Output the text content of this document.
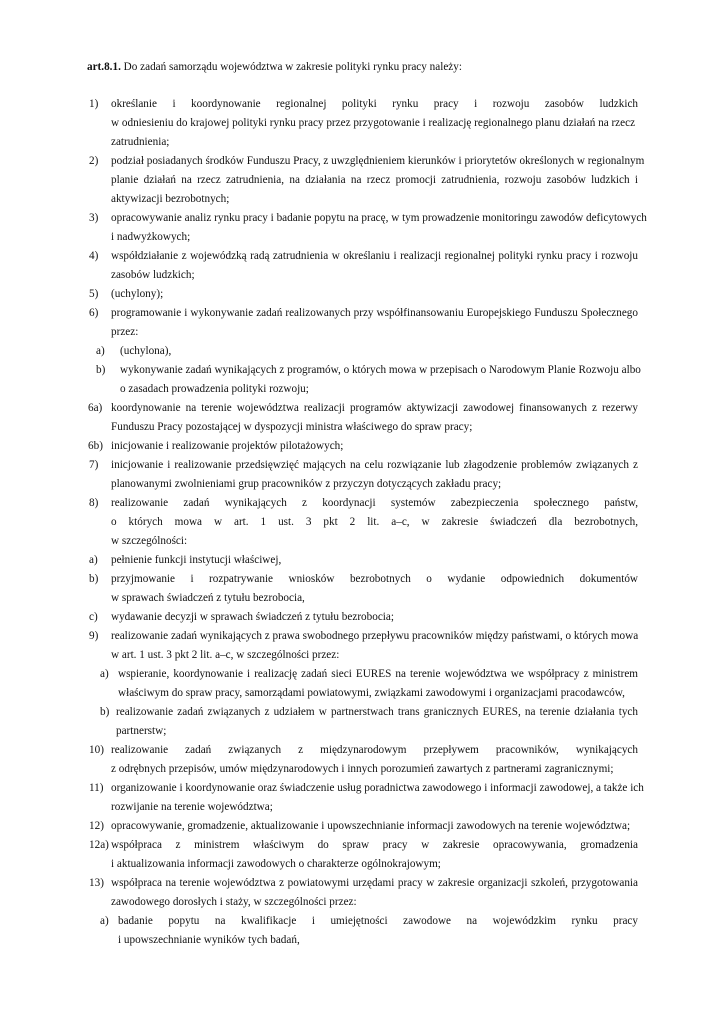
art.8.1. Do zadań samorządu województwa w zakresie polityki rynku pracy należy:
1) określanie i koordynowanie regionalnej polityki rynku pracy i rozwoju zasobów ludzkich
w odniesieniu do krajowej polityki rynku pracy przez przygotowanie i realizację regionalnego planu działań na rzecz
zatrudnienia;
2) podział posiadanych środków Funduszu Pracy, z uwzględnieniem kierunków i priorytetów określonych w regionalnym
planie działań na rzecz zatrudnienia, na działania na rzecz promocji zatrudnienia, rozwoju zasobów ludzkich i
aktywizacji bezrobotnych;
3) opracowywanie analiz rynku pracy i badanie popytu na pracę, w tym prowadzenie monitoringu zawodów deficytowych
i nadwyżkowych;
4) współdziałanie z wojewódzką radą zatrudnienia w określaniu i realizacji regionalnej polityki rynku pracy i rozwoju
zasobów ludzkich;
5) (uchylony);
6) programowanie i wykonywanie zadań realizowanych przy współfinansowaniu Europejskiego Funduszu Społecznego
przez:
a) (uchylona),
b) wykonywanie zadań wynikających z programów, o których mowa w przepisach o Narodowym Planie Rozwoju albo
o zasadach prowadzenia polityki rozwoju;
6a) koordynowanie na terenie województwa realizacji programów aktywizacji zawodowej finansowanych z rezerwy
Funduszu Pracy pozostającej w dyspozycji ministra właściwego do spraw pracy;
6b) inicjowanie i realizowanie projektów pilotażowych;
7) inicjowanie i realizowanie przedsięwzięć mających na celu rozwiązanie lub złagodzenie problemów związanych z
planowanymi zwolnieniami grup pracowników z przyczyn dotyczących zakładu pracy;
8) realizowanie zadań wynikających z koordynacji systemów zabezpieczenia społecznego państw,
o których mowa w art. 1 ust. 3 pkt 2 lit. a–c, w zakresie świadczeń dla bezrobotnych,
w szczególności:
a) pełnienie funkcji instytucji właściwej,
b) przyjmowanie i rozpatrywanie wniosków bezrobotnych o wydanie odpowiednich dokumentów
w sprawach świadczeń z tytułu bezrobocia,
c) wydawanie decyzji w sprawach świadczeń z tytułu bezrobocia;
9) realizowanie zadań wynikających z prawa swobodnego przepływu pracowników między państwami, o których mowa
w art. 1 ust. 3 pkt 2 lit. a–c, w szczególności przez:
a) wspieranie, koordynowanie i realizację zadań sieci EURES na terenie województwa we współpracy z ministrem
właściwym do spraw pracy, samorządami powiatowymi, związkami zawodowymi i organizacjami pracodawców,
b) realizowanie zadań związanych z udziałem w partnerstwach trans granicznych EURES, na terenie działania tych
partnerstw;
10) realizowanie zadań związanych z międzynarodowym przepływem pracowników, wynikających
z odrębnych przepisów, umów międzynarodowych i innych porozumień zawartych z partnerami zagranicznymi;
11) organizowanie i koordynowanie oraz świadczenie usług poradnictwa zawodowego i informacji zawodowej, a także ich
rozwijanie na terenie województwa;
12) opracowywanie, gromadzenie, aktualizowanie i upowszechnianie informacji zawodowych na terenie województwa;
12a) współpraca z ministrem właściwym do spraw pracy w zakresie opracowywania, gromadzenia
i aktualizowania informacji zawodowych o charakterze ogólnokrajowym;
13) współpraca na terenie województwa z powiatowymi urzędami pracy w zakresie organizacji szkoleń, przygotowania
zawodowego dorosłych i staży, w szczególności przez:
a) badanie popytu na kwalifikacje i umiejętności zawodowe na wojewódzkim rynku pracy
i upowszechnianie wyników tych badań,
